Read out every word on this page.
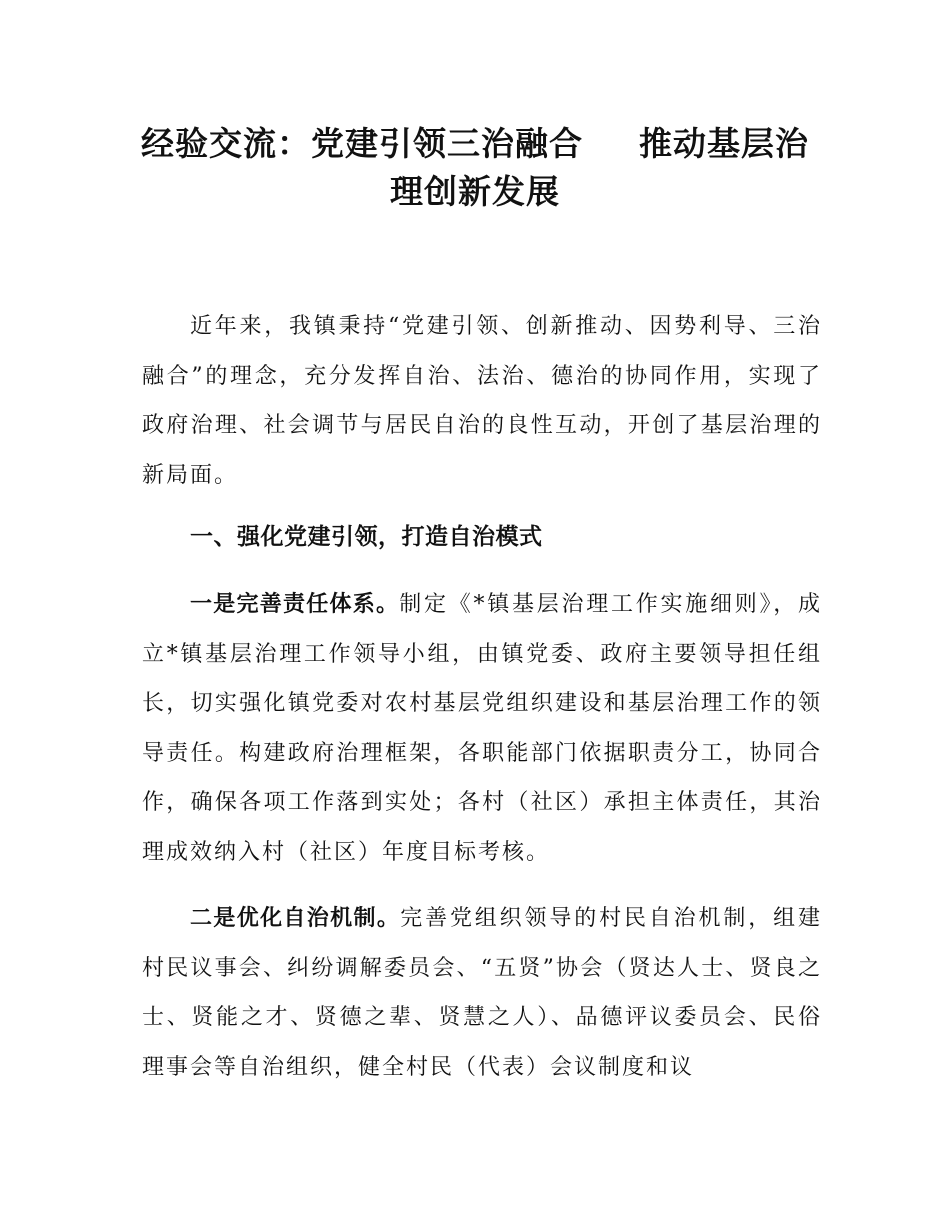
经验交流：党建引领三治融合 推动基层治
理创新发展

近年来，我镇秉持“党建引领、创新推动、因势利导、三治融合”的理念，充分发挥自治、法治、德治的协同作用，实现了政府治理、社会调节与居民自治的良性互动，开创了基层治理的新局面。

一、强化党建引领，打造自治模式

一是完善责任体系。制定《*镇基层治理工作实施细则》，成立*镇基层治理工作领导小组，由镇党委、政府主要领导担任组长，切实强化镇党委对农村基层党组织建设和基层治理工作的领导责任。构建政府治理框架，各职能部门依据职责分工，协同合作，确保各项工作落到实处；各村（社区）承担主体责任，其治理成效纳入村（社区）年度目标考核。

二是优化自治机制。完善党组织领导的村民自治机制，组建村民议事会、纠纷调解委员会、“五贤”协会（贤达人士、贤良之士、贤能之才、贤德之辈、贤慧之人）、品德评议委员会、民俗理事会等自治组织，健全村民（代表）会议制度和议
